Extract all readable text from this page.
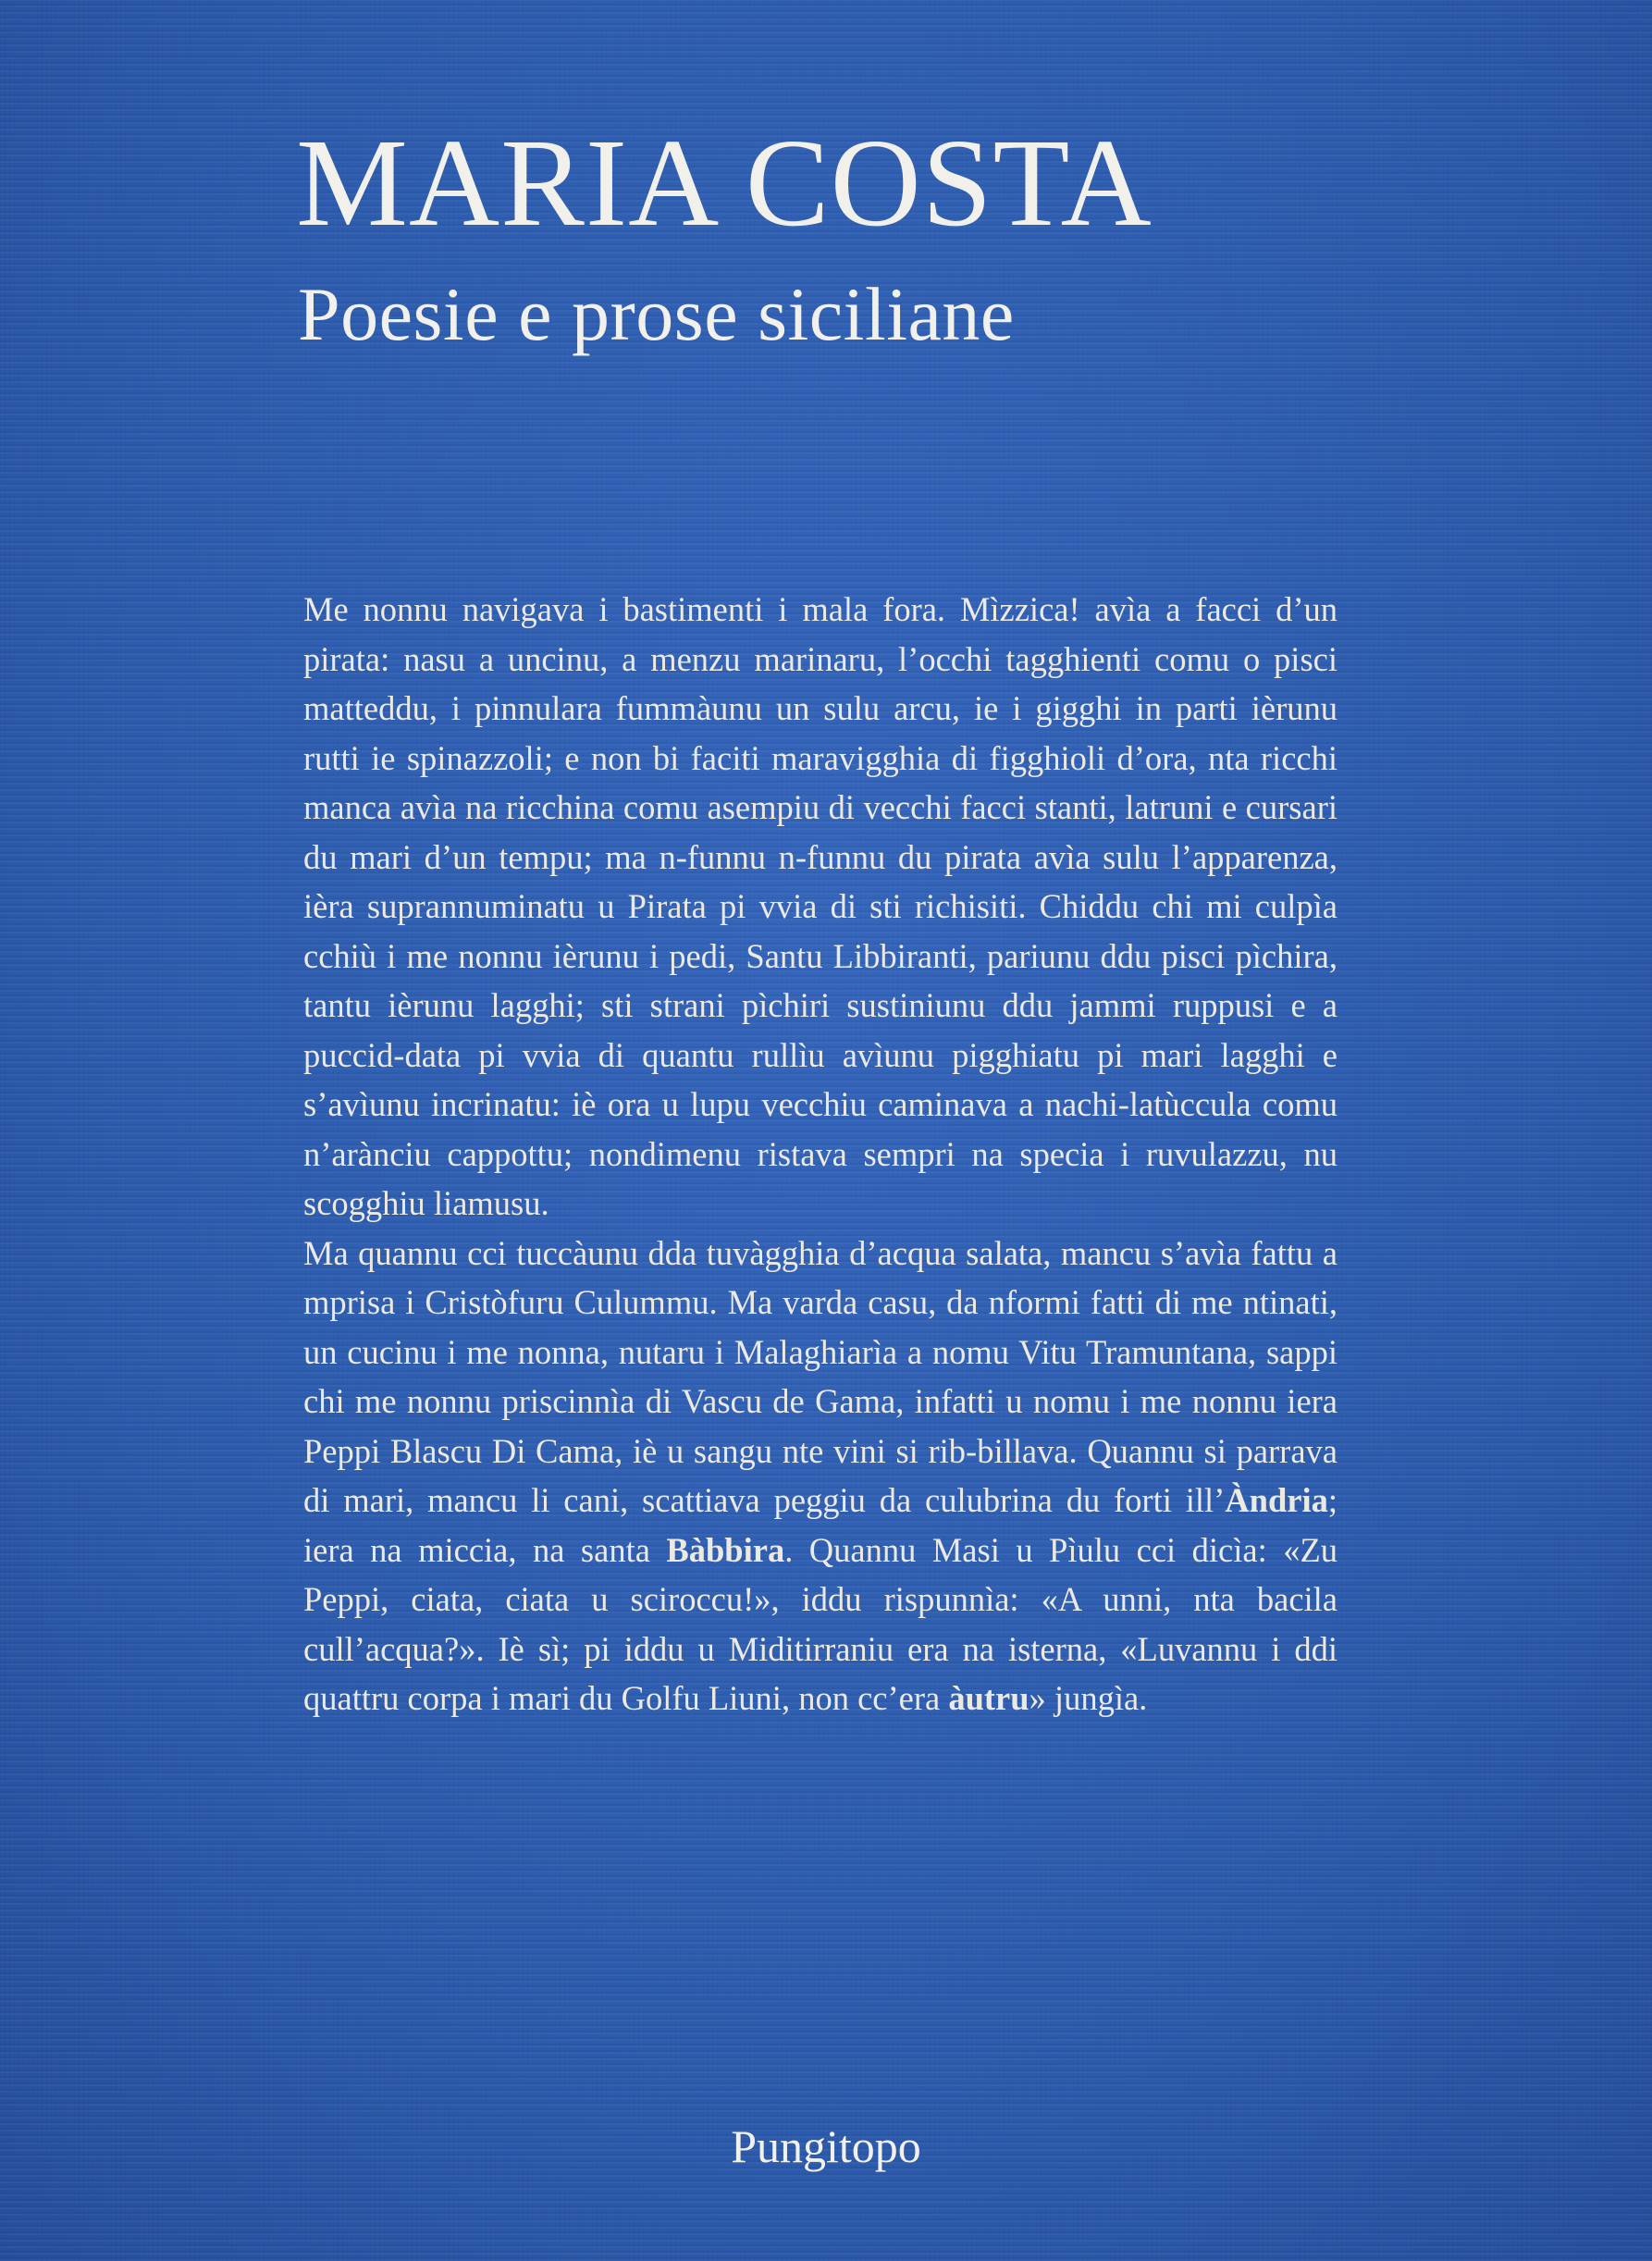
MARIA COSTA
Poesie e prose siciliane

Me nonnu navigava i bastimenti i mala fora. Mìzzica! avìa a facci d’un pirata: nasu a uncinu, a menzu marinaru, l’occhi tagghienti comu o pisci matteddu, i pinnulara fummàunu un sulu arcu, ie i gigghi in parti ièrunu rutti ie spinazzoli; e non bi faciti maravigghia di figghioli d’ora, nta ricchi manca avìa na ricchina comu asempiu di vecchi facci stanti, latruni e cursari du mari d’un tempu; ma n-funnu n-funnu du pirata avìa sulu l’apparenza, ièra suprannuminatu u Pirata pi vvia di sti richisiti. Chiddu chi mi culpìa cchiù i me nonnu ièrunu i pedi, Santu Libbiranti, pariunu ddu pisci pìchira, tantu ièrunu lagghi; sti strani pìchiri sustiniunu ddu jammi ruppusi e a puccid-data pi vvia di quantu rullìu avìunu pigghiatu pi mari lagghi e s’avìunu incrinatu: iè ora u lupu vecchiu caminava a nachi-latùccula comu n’arànciu cappottu; nondimenu ristava sempri na specia i ruvulazzu, nu scogghiu liamusu.

Ma quannu cci tuccàunu dda tuvàgghia d’acqua salata, mancu s’avìa fattu a mprisa i Cristòfuru Culummu. Ma varda casu, da nformi fatti di me ntinati, un cucinu i me nonna, nutaru i Malaghiarìa a nomu Vitu Tramuntana, sappi chi me nonnu priscinnìa di Vascu de Gama, infatti u nomu i me nonnu iera Peppi Blascu Di Cama, iè u sangu nte vini si rib-billava. Quannu si parrava di mari, mancu li cani, scattiava peggiu da culubrina du forti ill’Àndria; iera na miccia, na santa Bàbbira. Quannu Masi u Pìulu cci dicìa: «Zu Peppi, ciata, ciata u sciroccu!», iddu rispunnìa: «A unni, nta bacila cull’acqua?». Iè sì; pi iddu u Miditirraniu era na isterna, «Luvannu i ddi quattru corpa i mari du Golfu Liuni, non cc’era àutru» jungìa.

Pungitopo
